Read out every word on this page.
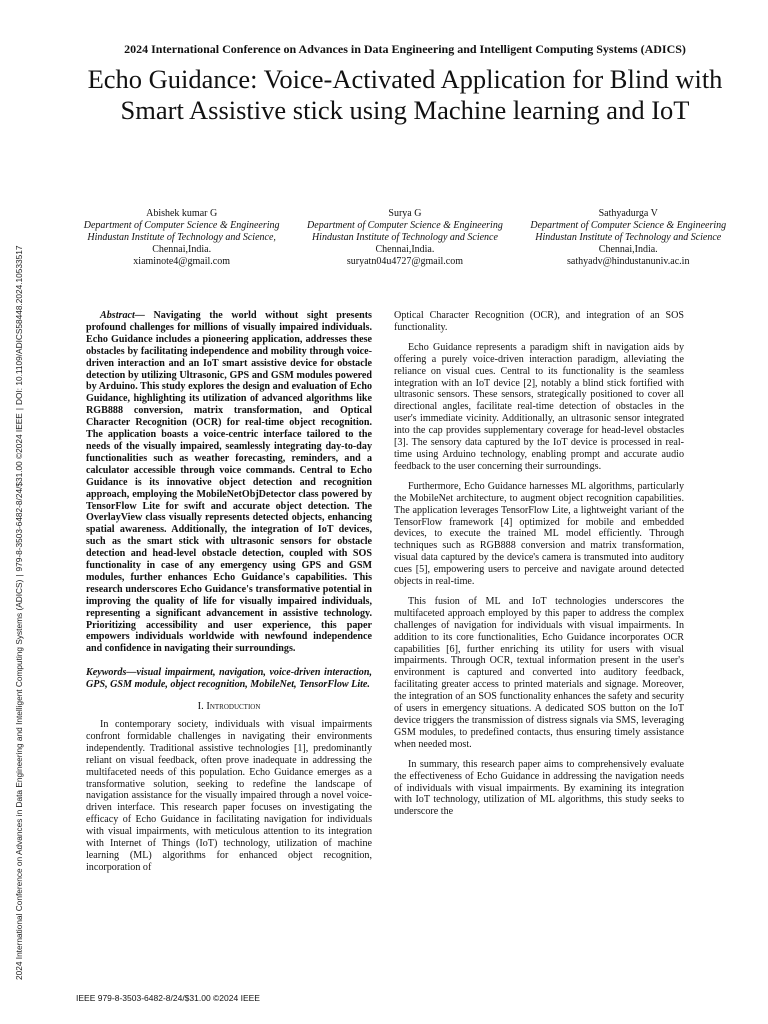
2024 International Conference on Advances in Data Engineering and Intelligent Computing Systems (ADICS)|979-8-3503-6482-8/24/$31.00 ©2024 IEEE|DOI: 10.1109/ADICS58448.2024.10533517
2024 International Conference on Advances in Data Engineering and Intelligent Computing Systems (ADICS)
Echo Guidance: Voice-Activated Application for Blind with Smart Assistive stick using Machine learning and IoT
Abishek kumar G
Department of Computer Science & Engineering
Hindustan Institute of Technology and Science,
Chennai,India.
xiaminote4@gmail.com
Surya G
Department of Computer Science & Engineering
Hindustan Institute of Technology and Science
Chennai,India.
suryatn04u4727@gmail.com
Sathyadurga V
Department of Computer Science & Engineering
Hindustan Institute of Technology and Science
Chennai,India.
sathyadv@hindustanuniv.ac.in

Abstract— Navigating the world without sight presents profound challenges for millions of visually impaired individuals. Echo Guidance includes a pioneering application, addresses these obstacles by facilitating independence and mobility through voice-driven interaction and an IoT smart assistive device for obstacle detection by utilizing Ultrasonic, GPS and GSM modules powered by Arduino. This study explores the design and evaluation of Echo Guidance, highlighting its utilization of advanced algorithms like RGB888 conversion, matrix transformation, and Optical Character Recognition (OCR) for real-time object recognition. The application boasts a voice-centric interface tailored to the needs of the visually impaired, seamlessly integrating day-to-day functionalities such as weather forecasting, reminders, and a calculator accessible through voice commands. Central to Echo Guidance is its innovative object detection and recognition approach, employing the MobileNetObjDetector class powered by TensorFlow Lite for swift and accurate object detection. The OverlayView class visually represents detected objects, enhancing spatial awareness. Additionally, the integration of IoT devices, such as the smart stick with ultrasonic sensors for obstacle detection and head-level obstacle detection, coupled with SOS functionality in case of any emergency using GPS and GSM modules, further enhances Echo Guidance's capabilities. This research underscores Echo Guidance's transformative potential in improving the quality of life for visually impaired individuals, representing a significant advancement in assistive technology. Prioritizing accessibility and user experience, this paper empowers individuals worldwide with newfound independence and confidence in navigating their surroundings.

Keywords—visual impairment, navigation, voice-driven interaction, GPS, GSM module, object recognition, MobileNet, TensorFlow Lite.

I. Introduction

In contemporary society, individuals with visual impairments confront formidable challenges in navigating their environments independently. Traditional assistive technologies [1], predominantly reliant on visual feedback, often prove inadequate in addressing the multifaceted needs of this population. Echo Guidance emerges as a transformative solution, seeking to redefine the landscape of navigation assistance for the visually impaired through a novel voice-driven interface. This research paper focuses on investigating the efficacy of Echo Guidance in facilitating navigation for individuals with visual impairments, with meticulous attention to its integration with Internet of Things (IoT) technology, utilization of machine learning (ML) algorithms for enhanced object recognition, incorporation of

Optical Character Recognition (OCR), and integration of an SOS functionality.

Echo Guidance represents a paradigm shift in navigation aids by offering a purely voice-driven interaction paradigm, alleviating the reliance on visual cues. Central to its functionality is the seamless integration with an IoT device [2], notably a blind stick fortified with ultrasonic sensors. These sensors, strategically positioned to cover all directional angles, facilitate real-time detection of obstacles in the user's immediate vicinity. Additionally, an ultrasonic sensor integrated into the cap provides supplementary coverage for head-level obstacles [3]. The sensory data captured by the IoT device is processed in real-time using Arduino technology, enabling prompt and accurate audio feedback to the user concerning their surroundings.

Furthermore, Echo Guidance harnesses ML algorithms, particularly the MobileNet architecture, to augment object recognition capabilities. The application leverages TensorFlow Lite, a lightweight variant of the TensorFlow framework [4] optimized for mobile and embedded devices, to execute the trained ML model efficiently. Through techniques such as RGB888 conversion and matrix transformation, visual data captured by the device's camera is transmuted into auditory cues [5], empowering users to perceive and navigate around detected objects in real-time.

This fusion of ML and IoT technologies underscores the multifaceted approach employed by this paper to address the complex challenges of navigation for individuals with visual impairments. In addition to its core functionalities, Echo Guidance incorporates OCR capabilities [6], further enriching its utility for users with visual impairments. Through OCR, textual information present in the user's environment is captured and converted into auditory feedback, facilitating greater access to printed materials and signage. Moreover, the integration of an SOS functionality enhances the safety and security of users in emergency situations. A dedicated SOS button on the IoT device triggers the transmission of distress signals via SMS, leveraging GSM modules, to predefined contacts, thus ensuring timely assistance when needed most.

In summary, this research paper aims to comprehensively evaluate the effectiveness of Echo Guidance in addressing the navigation needs of individuals with visual impairments. By examining its integration with IoT technology, utilization of ML algorithms, this study seeks to underscore the

IEEE 979-8-3503-6482-8/24/$31.00 ©2024 IEEE
